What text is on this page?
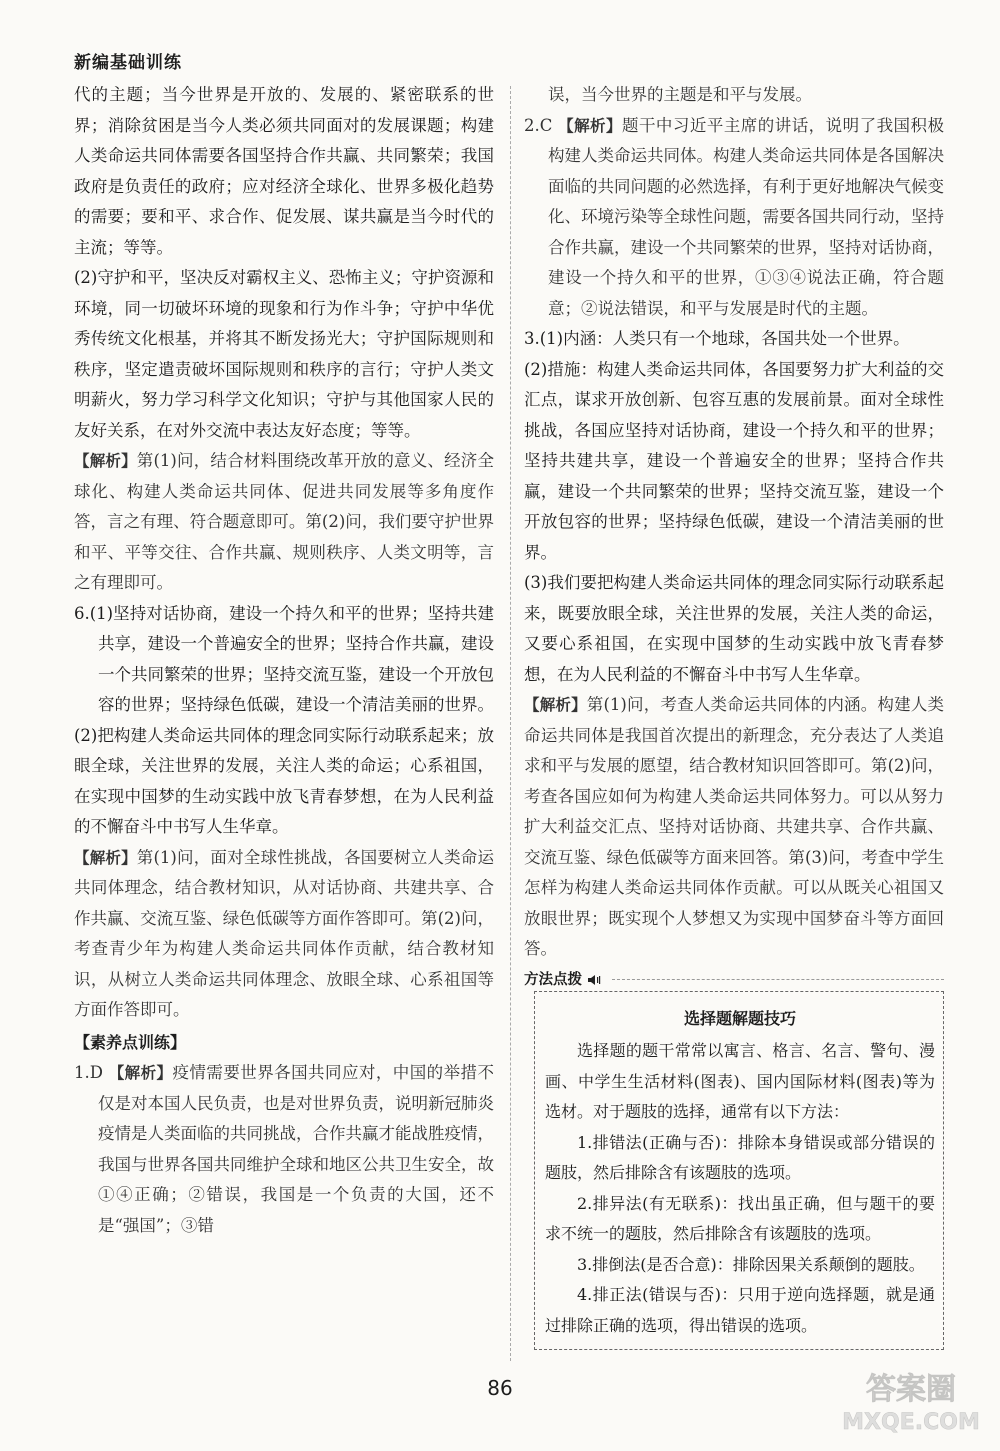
新编基础训练
代的主题；当今世界是开放的、发展的、紧密联系的世界；消除贫困是当今人类必须共同面对的发展课题；构建人类命运共同体需要各国坚持合作共赢、共同繁荣；我国政府是负责任的政府；应对经济全球化、世界多极化趋势的需要；要和平、求合作、促发展、谋共赢是当今时代的主流；等等。
(2)守护和平，坚决反对霸权主义、恐怖主义；守护资源和环境，同一切破坏环境的现象和行为作斗争；守护中华优秀传统文化根基，并将其不断发扬光大；守护国际规则和秩序，坚定遣责破坏国际规则和秩序的言行；守护人类文明薪火，努力学习科学文化知识；守护与其他国家人民的友好关系，在对外交流中表达友好态度；等等。
【解析】第(1)问，结合材料围绕改革开放的意义、经济全球化、构建人类命运共同体、促进共同发展等多角度作答，言之有理、符合题意即可。第(2)问，我们要守护世界和平、平等交往、合作共赢、规则秩序、人类文明等，言之有理即可。
6.(1)坚持对话协商，建设一个持久和平的世界；坚持共建共享，建设一个普遍安全的世界；坚持合作共赢，建设一个共同繁荣的世界；坚持交流互鉴，建设一个开放包容的世界；坚持绿色低碳，建设一个清洁美丽的世界。
(2)把构建人类命运共同体的理念同实际行动联系起来；放眼全球，关注世界的发展，关注人类的命运；心系祖国，在实现中国梦的生动实践中放飞青春梦想，在为人民利益的不懈奋斗中书写人生华章。
【解析】第(1)问，面对全球性挑战，各国要树立人类命运共同体理念，结合教材知识，从对话协商、共建共享、合作共赢、交流互鉴、绿色低碳等方面作答即可。第(2)问，考查青少年为构建人类命运共同体作贡献，结合教材知识，从树立人类命运共同体理念、放眼全球、心系祖国等方面作答即可。
【素养点训练】
1.D 【解析】疫情需要世界各国共同应对，中国的举措不仅是对本国人民负责，也是对世界负责，说明新冠肺炎疫情是人类面临的共同挑战，合作共赢才能战胜疫情，我国与世界各国共同维护全球和地区公共卫生安全，故①④正确；②错误，我国是一个负责的大国，还不是“强国”；③错
误，当今世界的主题是和平与发展。
2.C 【解析】题干中习近平主席的讲话，说明了我国积极构建人类命运共同体。构建人类命运共同体是各国解决面临的共同问题的必然选择，有利于更好地解决气候变化、环境污染等全球性问题，需要各国共同行动，坚持合作共赢，建设一个共同繁荣的世界，坚持对话协商，建设一个持久和平的世界，①③④说法正确，符合题意；②说法错误，和平与发展是时代的主题。
3.(1)内涵：人类只有一个地球，各国共处一个世界。
(2)措施：构建人类命运共同体，各国要努力扩大利益的交汇点，谋求开放创新、包容互惠的发展前景。面对全球性挑战，各国应坚持对话协商，建设一个持久和平的世界；坚持共建共享，建设一个普遍安全的世界；坚持合作共赢，建设一个共同繁荣的世界；坚持交流互鉴，建设一个开放包容的世界；坚持绿色低碳，建设一个清洁美丽的世界。
(3)我们要把构建人类命运共同体的理念同实际行动联系起来，既要放眼全球，关注世界的发展，关注人类的命运，又要心系祖国，在实现中国梦的生动实践中放飞青春梦想，在为人民利益的不懈奋斗中书写人生华章。
【解析】第(1)问，考查人类命运共同体的内涵。构建人类命运共同体是我国首次提出的新理念，充分表达了人类追求和平与发展的愿望，结合教材知识回答即可。第(2)问，考查各国应如何为构建人类命运共同体努力。可以从努力扩大利益交汇点、坚持对话协商、共建共享、合作共赢、交流互鉴、绿色低碳等方面来回答。第(3)问，考查中学生怎样为构建人类命运共同体作贡献。可以从既关心祖国又放眼世界；既实现个人梦想又为实现中国梦奋斗等方面回答。
方法点拨
选择题解题技巧
选择题的题干常常以寓言、格言、名言、警句、漫画、中学生生活材料(图表)、国内国际材料(图表)等为选材。对于题肢的选择，通常有以下方法：
1.排错法(正确与否)：排除本身错误或部分错误的题肢，然后排除含有该题肢的选项。
2.排异法(有无联系)：找出虽正确，但与题干的要求不统一的题肢，然后排除含有该题肢的选项。
3.排倒法(是否合意)：排除因果关系颠倒的题肢。
4.排正法(错误与否)：只用于逆向选择题，就是通过排除正确的选项，得出错误的选项。
86	答案圈
MXQE.COM
